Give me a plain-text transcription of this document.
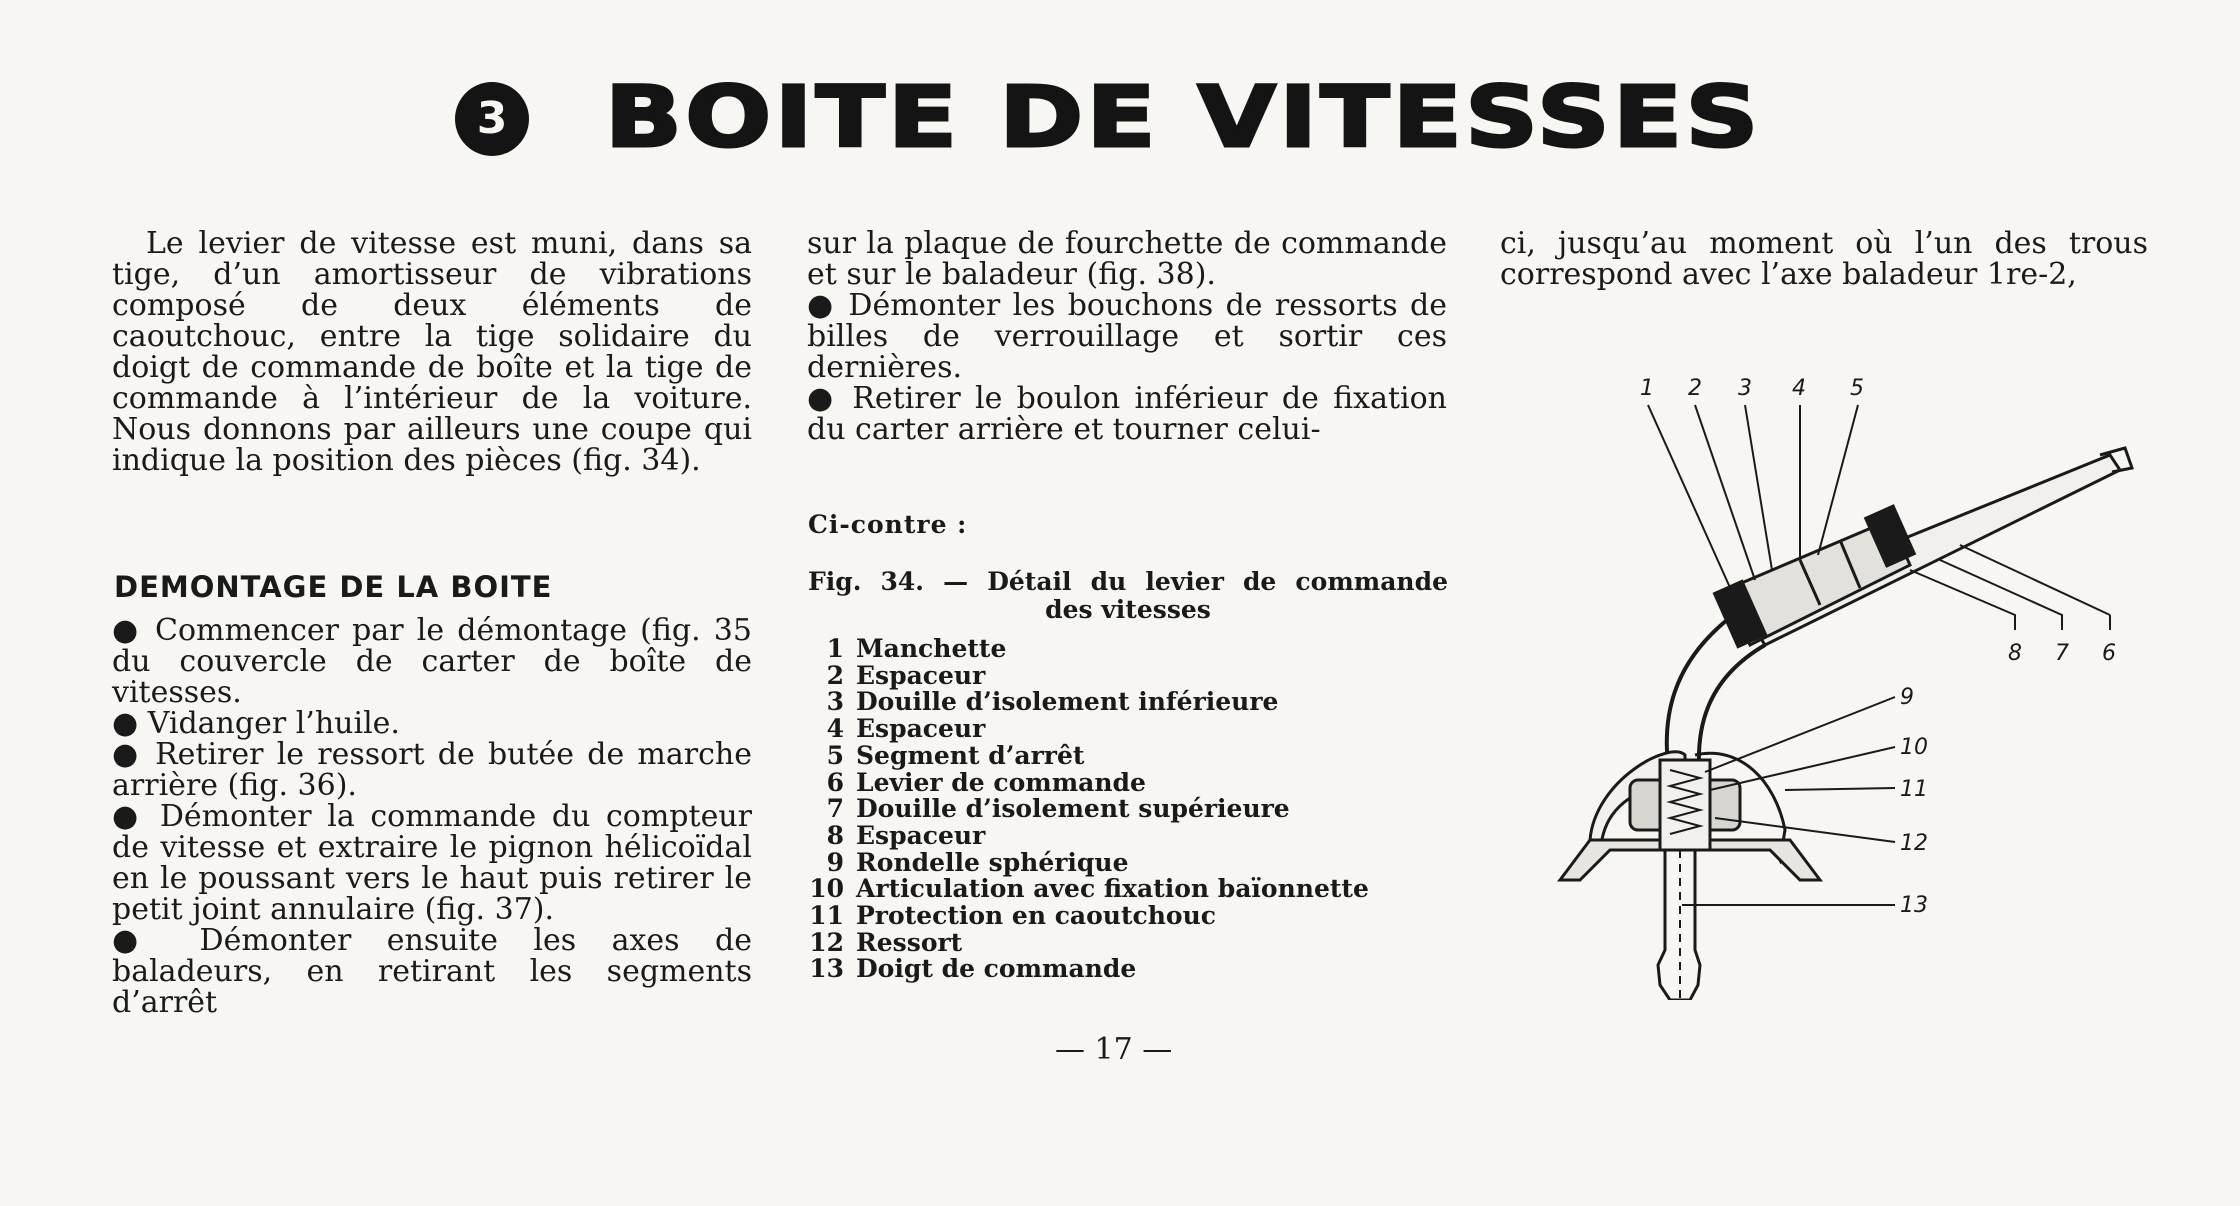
3 BOITE DE VITESSES

Le levier de vitesse est muni, dans sa tige, d’un amortisseur de vibrations composé de deux éléments de caoutchouc, entre la tige solidaire du doigt de commande de boîte et la tige de commande à l’intérieur de la voiture. Nous donnons par ailleurs une coupe qui indique la position des pièces (fig. 34).

DEMONTAGE DE LA BOITE

● Commencer par le démontage (fig. 35 du couvercle de carter de boîte de vitesses.

● Vidanger l’huile.

● Retirer le ressort de butée de marche arrière (fig. 36).

● Démonter la commande du compteur de vitesse et extraire le pignon hélicoïdal en le poussant vers le haut puis retirer le petit joint annulaire (fig. 37).

● Démonter ensuite les axes de baladeurs, en retirant les segments d’arrêt

sur la plaque de fourchette de commande et sur le baladeur (fig. 38).

● Démonter les bouchons de ressorts de billes de verrouillage et sortir ces dernières.

● Retirer le boulon inférieur de fixation du carter arrière et tourner celui-

Ci-contre :
Fig. 34. — Détail du levier de commande
des vitesses
1 Manchette
2 Espaceur
3 Douille d’isolement inférieure
4 Espaceur
5 Segment d’arrêt
6 Levier de commande
7 Douille d’isolement supérieure
8 Espaceur
9 Rondelle sphérique
10 Articulation avec fixation baïonnette
11 Protection en caoutchouc
12 Ressort
13 Doigt de commande

ci, jusqu’au moment où l’un des trous correspond avec l’axe baladeur 1re-2,

1 2 3 4 5
6
7
8
9
10
11
12
13
— 17 —
